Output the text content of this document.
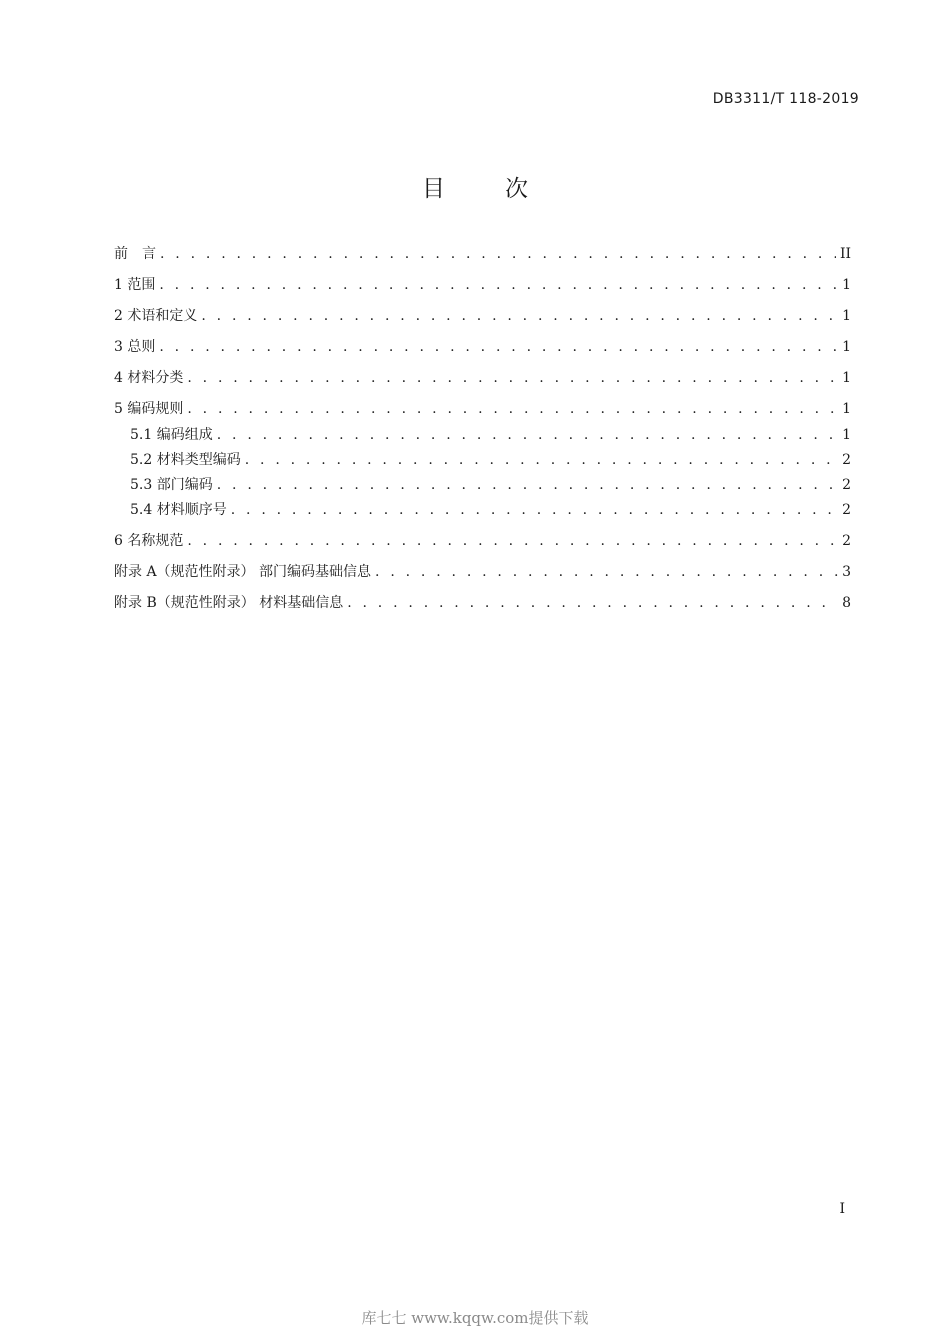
DB3311/T 118-2019
目次
前　言 . . .	II
1 范围 . . .	1
2 术语和定义 . . .	1
3 总则 . . .	1
4 材料分类 . . .	1
5 编码规则 . . .	1
5.1 编码组成 . . .	1
5.2 材料类型编码 . . .	2
5.3 部门编码 . . .	2
5.4 材料顺序号 . . .	2
6 名称规范 . . .	2
附录 A（规范性附录） 部门编码基础信息 . . .	3
附录 B（规范性附录） 材料基础信息 . . .	8
I
库七七 www.kqqw.com提供下载
